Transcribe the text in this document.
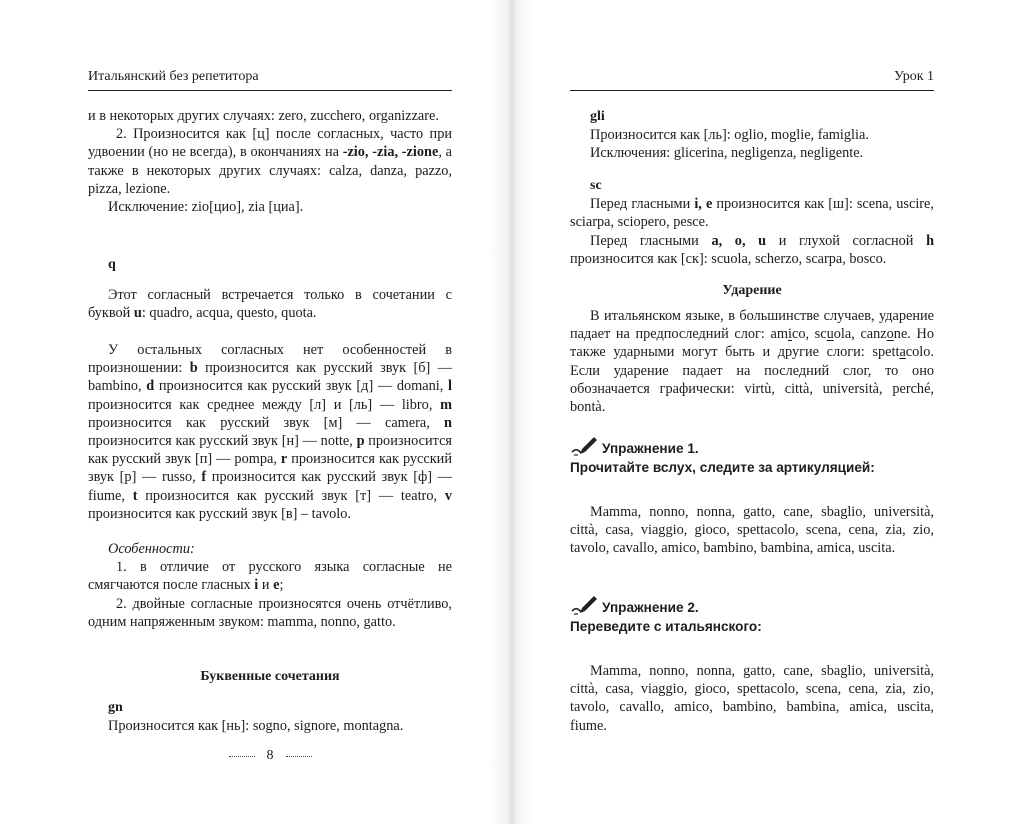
Итальянский без репетитора

и в некоторых других случаях: zero, zucchero, organizzare.

2. Произносится как [ц] после согласных, часто при удвоении (но не всегда), в окончаниях на -zio, -zia, -zione, а также в некоторых других случаях: calza, danza, pazzo, pizza, lezione.

Исключение: zio[цио], zia [циа].

q

Этот согласный встречается только в сочетании с буквой u: quadro, acqua, questo, quota.

У остальных согласных нет особенностей в произношении: b произносится как русский звук [б] — bambino, d произносится как русский звук [д] — domani, l произносится как среднее между [л] и [ль] — libro, m произносится как русский звук [м] — camera, n произносится как русский звук [н] — notte, p произносится как русский звук [п] — pompa, r произносится как русский звук [р] — russo, f произносится как русский звук [ф] — fiume, t произносится как русский звук [т] — teatro, v произносится как русский звук [в] – tavolo.

Особенности:

1. в отличие от русского языка согласные не смягчаются после гласных i и e;

2. двойные согласные произносятся очень отчётливо, одним напряженным звуком: mamma, nonno, gatto.

Буквенные сочетания

gn

Произносится как [нь]: sogno, signore, montagna.

8
Урок 1

gli

Произносится как [ль]: oglio, moglie, famiglia.

Исключения: glicerina, negligenza, negligente.

sc

Перед гласными i, e произносится как [ш]: scena, uscire, sciarpa, sciopero, pesce.

Перед гласными a, o, u и глухой согласной h произносится как [ск]: scuola, scherzo, scarpa, bosco.

Ударение

В итальянском языке, в большинстве случаев, ударение падает на предпоследний слог: amico, scuola, canzone. Но также ударными могут быть и другие слоги: spettacolo. Если ударение падает на последний слог, то оно обозначается графически: virtù, città, università, perché, bontà.

Упражнение 1.
Прочитайте вслух, следите за артикуляцией:

Mamma, nonno, nonna, gatto, cane, sbaglio, università, città, casa, viaggio, gioco, spettacolo, scena, cena, zia, zio, tavolo, cavallo, amico, bambino, bambina, amica, uscita.

Упражнение 2.
Переведите с итальянского:

Mamma, nonno, nonna, gatto, cane, sbaglio, università, città, casa, viaggio, gioco, spettacolo, scena, cena, zia, zio, tavolo, cavallo, amico, bambino, bambina, amica, uscita, fiume.
